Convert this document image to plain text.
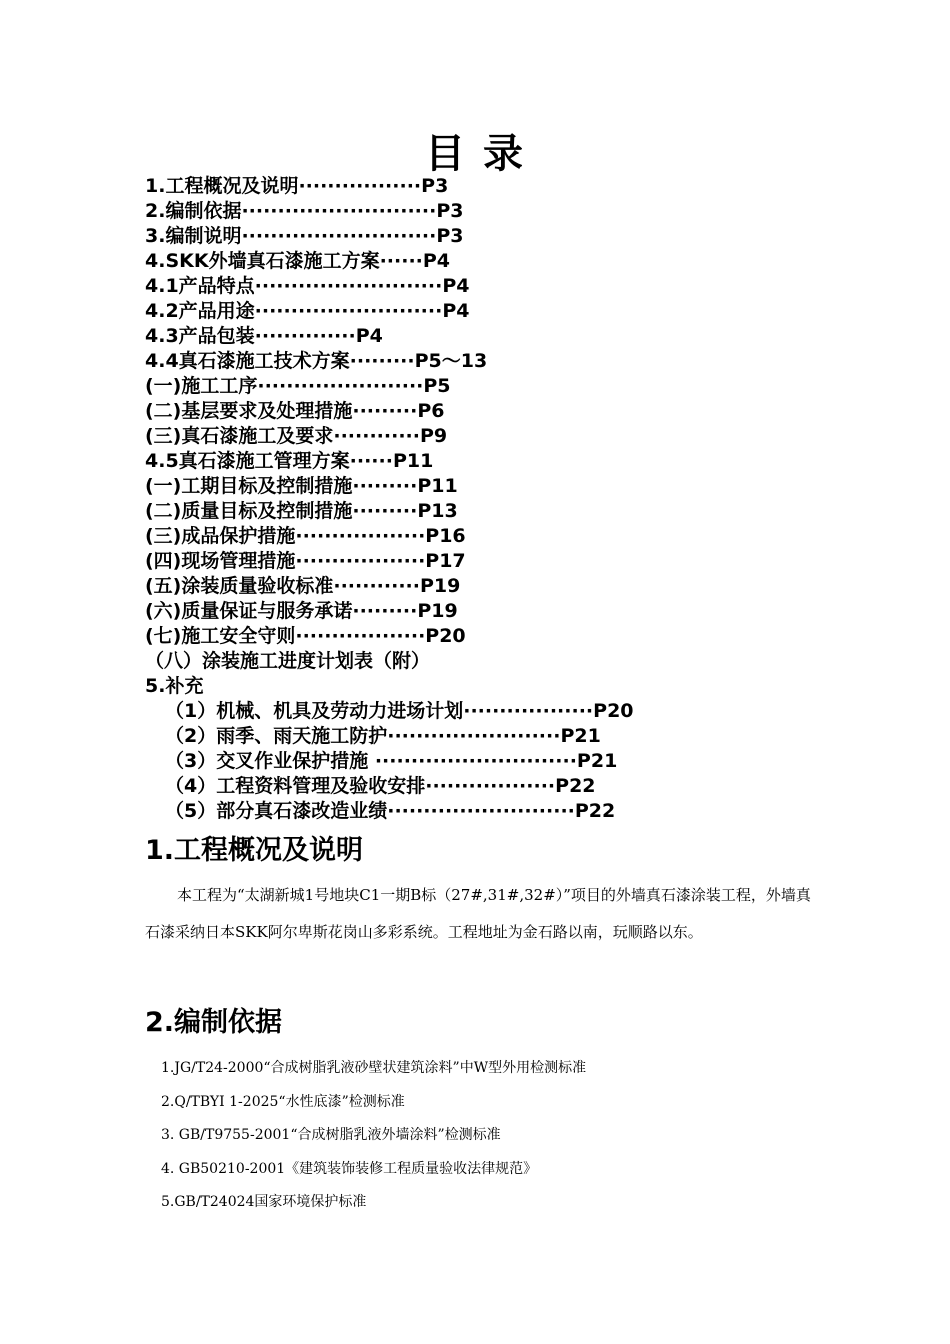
目 录
1.工程概况及说明·················P3
2.编制依据···························P3
3.编制说明···························P3
4.SKK外墙真石漆施工方案······P4
4.1产品特点··························P4
4.2产品用途··························P4
4.3产品包装··············P4
4.4真石漆施工技术方案·········P5～13
(一)施工工序·······················P5
(二)基层要求及处理措施·········P6
(三)真石漆施工及要求············P9
4.5真石漆施工管理方案······P11
(一)工期目标及控制措施·········P11
(二)质量目标及控制措施·········P13
(三)成品保护措施··················P16
(四)现场管理措施··················P17
(五)涂装质量验收标准············P19
(六)质量保证与服务承诺·········P19
(七)施工安全守则··················P20
（八）涂装施工进度计划表（附）
5.补充
（1）机械、机具及劳动力进场计划··················P20
（2）雨季、雨天施工防护························P21
（3）交叉作业保护措施 ····························P21
（4）工程资料管理及验收安排··················P22
（5）部分真石漆改造业绩··························P22
1.工程概况及说明
本工程为“太湖新城1号地块C1一期B标（27#,31#,32#）”项目的外墙真石漆涂装工程，外墙真石漆采纳日本SKK阿尔卑斯花岗山多彩系统。工程地址为金石路以南，玩顺路以东。
2.编制依据
1.JG/T24-2000“合成树脂乳液砂壁状建筑涂料”中W型外用检测标准
2.Q/TBYI 1-2025“水性底漆”检测标准
3. GB/T9755-2001“合成树脂乳液外墙涂料”检测标准
4. GB50210-2001《建筑装饰装修工程质量验收法律规范》
5.GB/T24024国家环境保护标准
